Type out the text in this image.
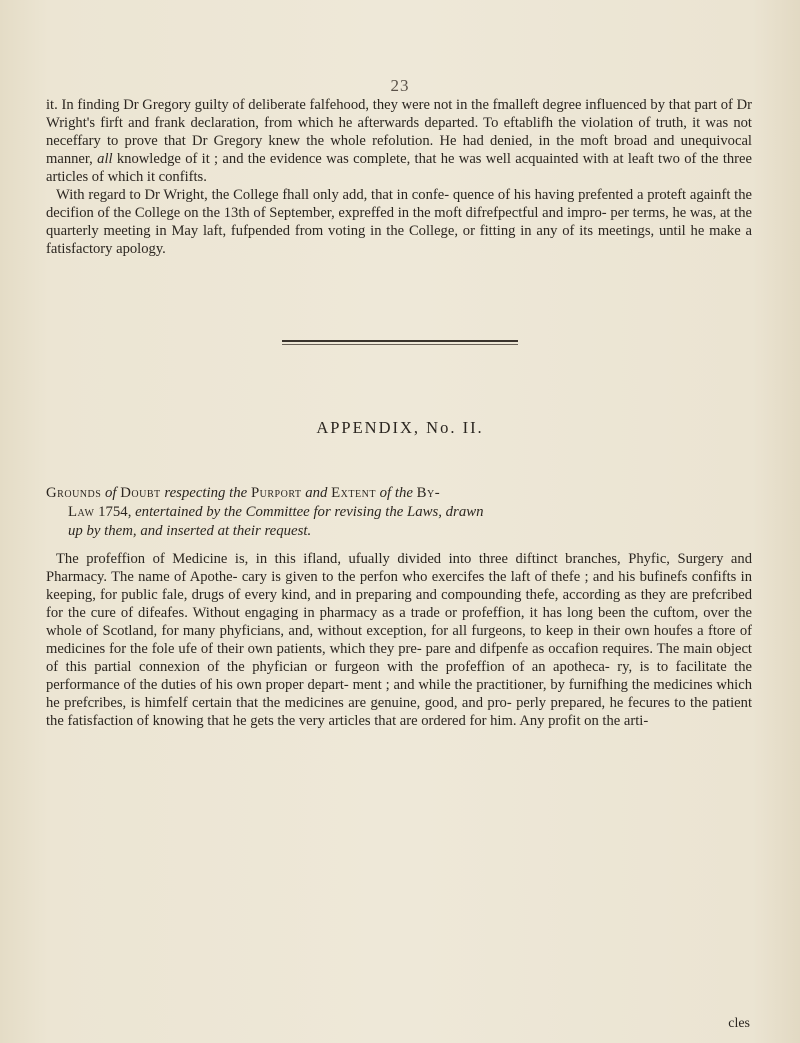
23

it. In finding Dr Gregory guilty of deliberate falfehood, they were not in the fmalleft degree influenced by that part of Dr Wright's firft and frank declaration, from which he afterwards departed. To eftablifh the violation of truth, it was not neceffary to prove that Dr Gregory knew the whole refolution. He had denied, in the moft broad and unequivocal manner, all knowledge of it ; and the evidence was complete, that he was well acquainted with at leaft two of the three articles of which it confifts.

With regard to Dr Wright, the College fhall only add, that in confe- quence of his having prefented a proteft againft the decifion of the College on the 13th of September, expreffed in the moft difrefpectful and impro- per terms, he was, at the quarterly meeting in May laft, fufpended from voting in the College, or fitting in any of its meetings, until he make a fatisfactory apology.

APPENDIX, No. II.
Grounds of Doubt respecting the Purport and Extent of the By-
Law 1754, entertained by the Committee for revising the Laws, drawn
up by them, and inserted at their request.

The profeffion of Medicine is, in this ifland, ufually divided into three diftinct branches, Phyfic, Surgery and Pharmacy. The name of Apothe- cary is given to the perfon who exercifes the laft of thefe ; and his bufinefs confifts in keeping, for public fale, drugs of every kind, and in preparing and compounding thefe, according as they are prefcribed for the cure of difeafes. Without engaging in pharmacy as a trade or profeffion, it has long been the cuftom, over the whole of Scotland, for many phyficians, and, without exception, for all furgeons, to keep in their own houfes a ftore of medicines for the fole ufe of their own patients, which they pre- pare and difpenfe as occafion requires. The main object of this partial connexion of the phyfician or furgeon with the profeffion of an apotheca- ry, is to facilitate the performance of the duties of his own proper depart- ment ; and while the practitioner, by furnifhing the medicines which he prefcribes, is himfelf certain that the medicines are genuine, good, and pro- perly prepared, he fecures to the patient the fatisfaction of knowing that he gets the very articles that are ordered for him. Any profit on the arti-

cles
